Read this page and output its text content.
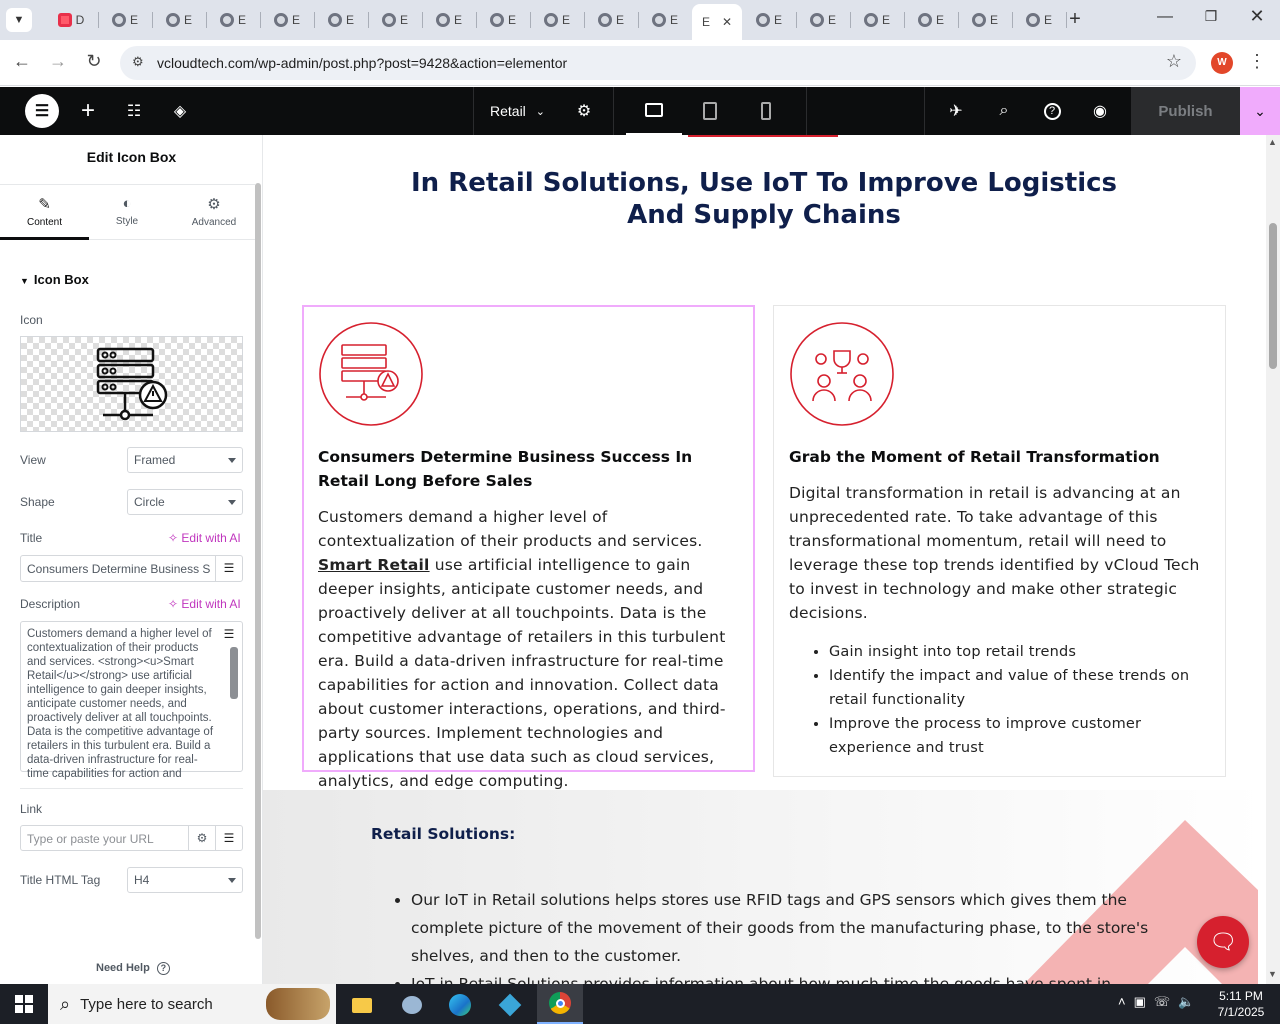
▼	D	E	E	E	E	E	E	E	E	E	E	E E ✕	E	E	E	E	E	E +	—	❐	✕
← → ↻	⚙ vcloudtech.com/wp-admin/post.php?post=9428&action=elementor	☆	W	⋮
☰	+ ☷ ◈	Retail ⌄ ⚙	✈ ⌕	?	◉	Publish	⌄
Edit Icon Box
✎
Content
◐
Style
⚙
Advanced
▼ Icon Box
Icon
View	Framed
Shape	Circle
Title	✧ Edit with AI
Consumers Determine Business S	☰
Description	✧ Edit with AI
Customers demand a higher level of contextualization of their products and services. <strong><u>Smart Retail</u></strong> use artificial intelligence to gain deeper insights, anticipate customer needs, and proactively deliver at all touchpoints. Data is the competitive advantage of retailers in this turbulent era. Build a data-driven infrastructure for real-time capabilities for action and
☰
Link
Type or paste your URL	⚙	☰
Title HTML Tag	H4
Need Help ?
In Retail Solutions, Use IoT To Improve Logistics And Supply Chains
Consumers Determine Business Success In Retail Long Before Sales
Customers demand a higher level of contextualization of their products and services. Smart Retail use artificial intelligence to gain deeper insights, anticipate customer needs, and proactively deliver at all touchpoints. Data is the competitive advantage of retailers in this turbulent era. Build a data-driven infrastructure for real-time capabilities for action and innovation. Collect data about customer interactions, operations, and third-party sources. Implement technologies and applications that use data such as cloud services, analytics, and edge computing.
Grab the Moment of Retail Transformation
Digital transformation in retail is advancing at an unprecedented rate. To take advantage of this transformational momentum, retail will need to leverage these top trends identified by vCloud Tech to invest in technology and make other strategic decisions.
• Gain insight into top retail trends
• Identify the impact and value of these trends on retail functionality
• Improve the process to improve customer experience and trust
Retail Solutions:
• Our IoT in Retail solutions helps stores use RFID tags and GPS sensors which gives them the complete picture of the movement of their goods from the manufacturing phase, to the store's shelves, and then to the customer.
•
🗨
▲
▼
⌕ Type here to search	˄▣☏🔈	5:11 PM
7/1/2025
